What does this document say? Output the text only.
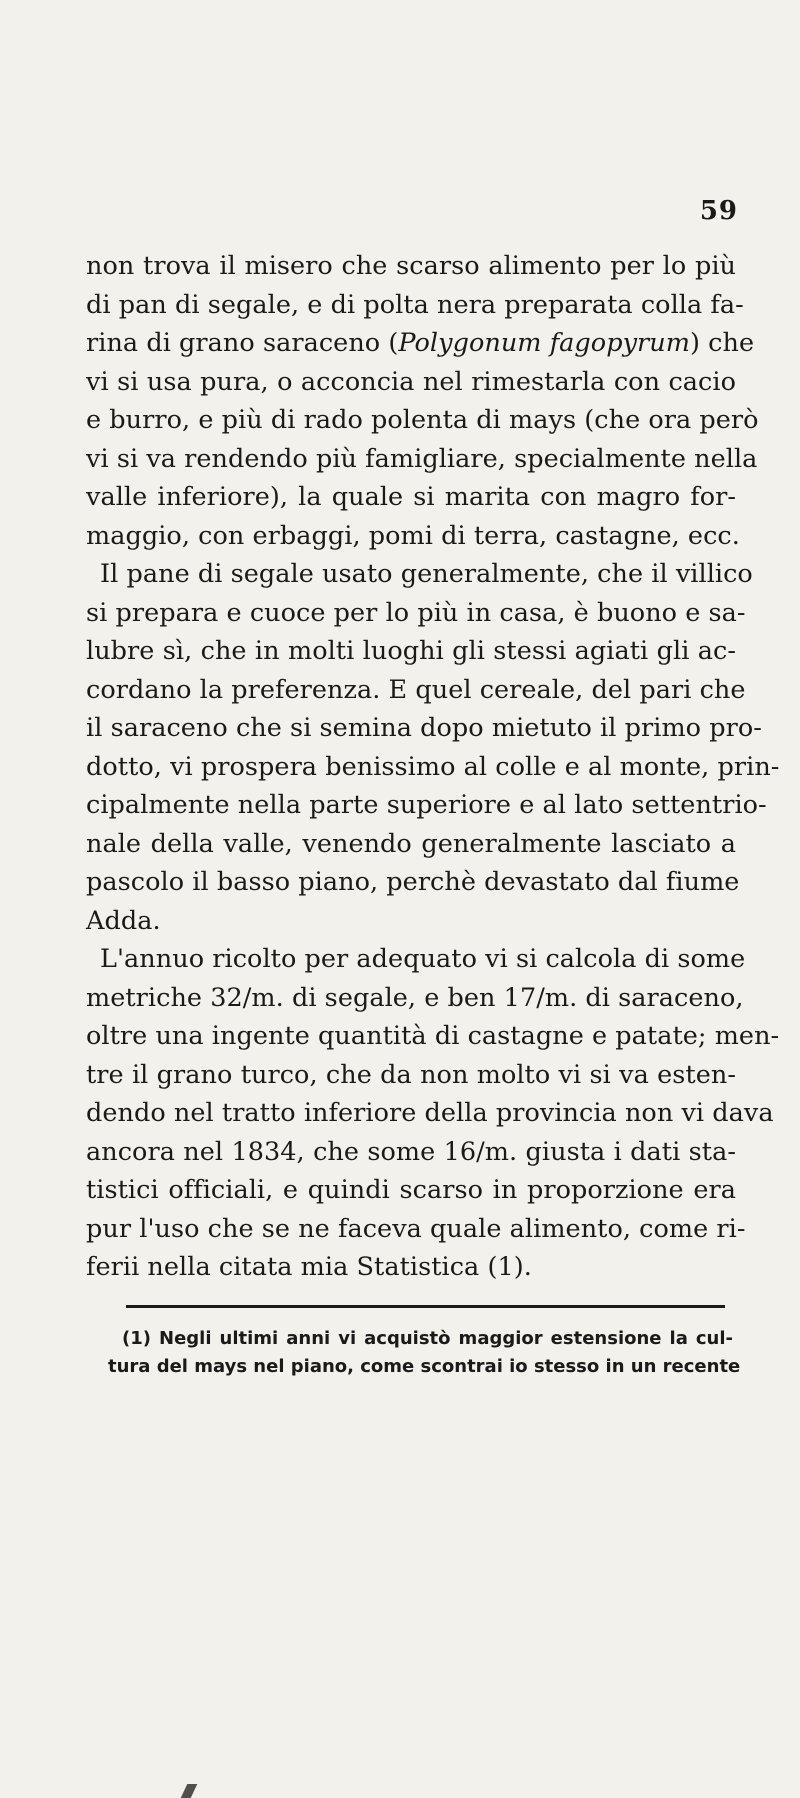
59
non trova il misero che scarso alimento per lo più
di pan di segale, e di polta nera preparata colla fa-
rina di grano saraceno (Polygonum fagopyrum) che
vi si usa pura, o acconcia nel rimestarla con cacio
e burro, e più di rado polenta di mays (che ora però
vi si va rendendo più famigliare, specialmente nella
valle inferiore), la quale si marita con magro for-
maggio, con erbaggi, pomi di terra, castagne, ecc.
Il pane di segale usato generalmente, che il villico
si prepara e cuoce per lo più in casa, è buono e sa-
lubre sì, che in molti luoghi gli stessi agiati gli ac-
cordano la preferenza. E quel cereale, del pari che
il saraceno che si semina dopo mietuto il primo pro-
dotto, vi prospera benissimo al colle e al monte, prin-
cipalmente nella parte superiore e al lato settentrio-
nale della valle, venendo generalmente lasciato a
pascolo il basso piano, perchè devastato dal fiume
Adda.
L'annuo ricolto per adequato vi si calcola di some
metriche 32/m. di segale, e ben 17/m. di saraceno,
oltre una ingente quantità di castagne e patate; men-
tre il grano turco, che da non molto vi si va esten-
dendo nel tratto inferiore della provincia non vi dava
ancora nel 1834, che some 16/m. giusta i dati sta-
tistici officiali, e quindi scarso in proporzione era
pur l'uso che se ne faceva quale alimento, come ri-
ferii nella citata mia Statistica (1).
(1) Negli ultimi anni vi acquistò maggior estensione la cul-
tura del mays nel piano, come scontrai io stesso in un recente
